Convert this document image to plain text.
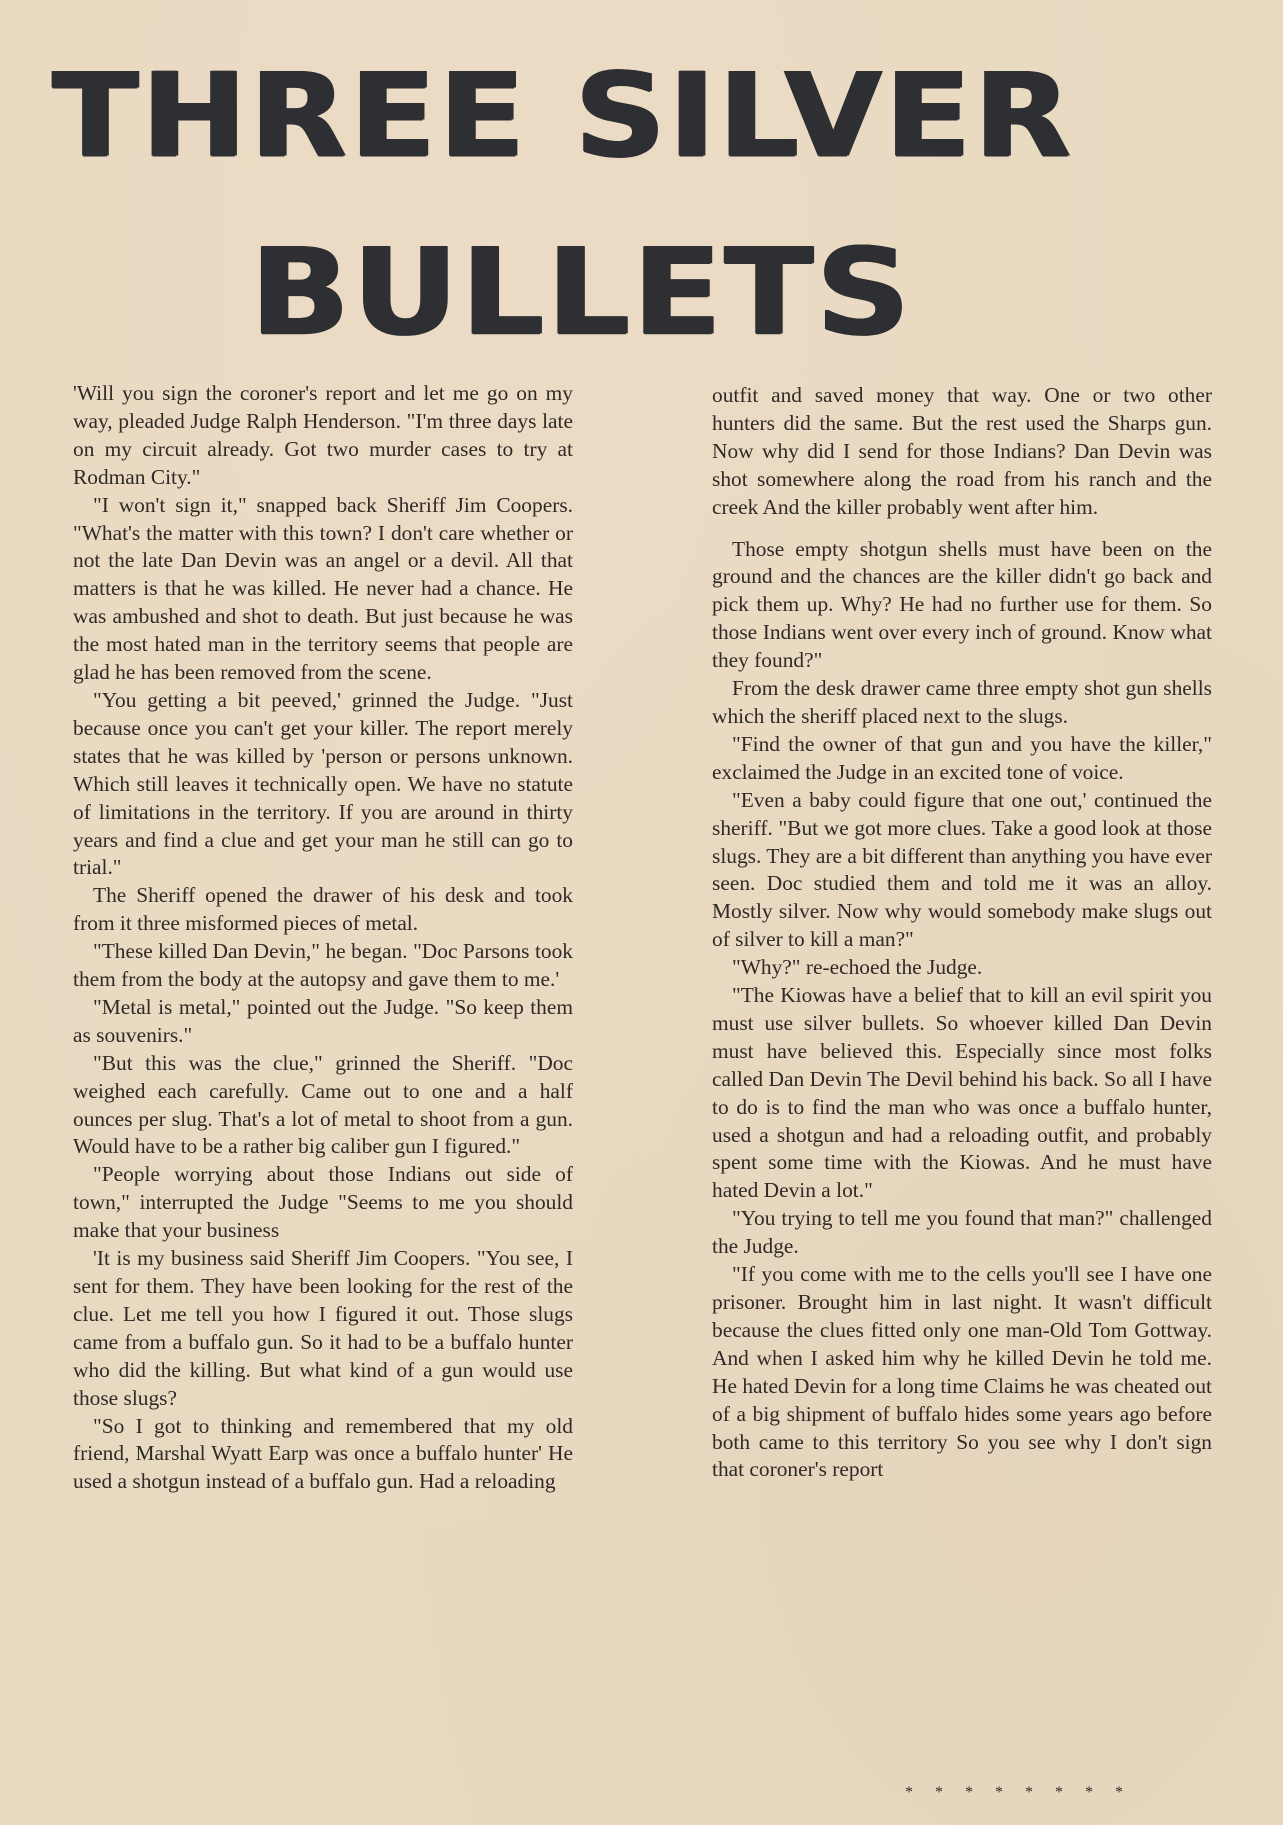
THREE SILVER
BULLETS

'Will you sign the coroner's report and let me go on my way, pleaded Judge Ralph Henderson. "I'm three days late on my circuit already. Got two murder cases to try at Rodman City."

"I won't sign it," snapped back Sheriff Jim Coopers. "What's the matter with this town? I don't care whether or not the late Dan Devin was an angel or a devil. All that matters is that he was killed. He never had a chance. He was ambushed and shot to death. But just because he was the most hated man in the territory seems that people are glad he has been removed from the scene.

"You getting a bit peeved,' grinned the Judge. "Just because once you can't get your killer. The report merely states that he was killed by 'person or persons unknown. Which still leaves it technically open. We have no statute of limitations in the territory. If you are around in thirty years and find a clue and get your man he still can go to trial."

The Sheriff opened the drawer of his desk and took from it three misformed pieces of metal.

"These killed Dan Devin," he began. "Doc Parsons took them from the body at the autopsy and gave them to me.'

"Metal is metal," pointed out the Judge. "So keep them as souvenirs."

"But this was the clue," grinned the Sheriff. "Doc weighed each carefully. Came out to one and a half ounces per slug. That's a lot of metal to shoot from a gun. Would have to be a rather big caliber gun I figured."

"People worrying about those Indians out side of town," interrupted the Judge "Seems to me you should make that your business

'It is my business said Sheriff Jim Coopers. "You see, I sent for them. They have been looking for the rest of the clue. Let me tell you how I figured it out. Those slugs came from a buffalo gun. So it had to be a buffalo hunter who did the killing. But what kind of a gun would use those slugs?

"So I got to thinking and remembered that my old friend, Marshal Wyatt Earp was once a buffalo hunter' He used a shotgun instead of a buffalo gun. Had a reloading

outfit and saved money that way. One or two other hunters did the same. But the rest used the Sharps gun. Now why did I send for those Indians? Dan Devin was shot somewhere along the road from his ranch and the creek And the killer probably went after him.

Those empty shotgun shells must have been on the ground and the chances are the killer didn't go back and pick them up. Why? He had no further use for them. So those Indians went over every inch of ground. Know what they found?"

From the desk drawer came three empty shot gun shells which the sheriff placed next to the slugs.

"Find the owner of that gun and you have the killer," exclaimed the Judge in an excited tone of voice.

"Even a baby could figure that one out,' continued the sheriff. "But we got more clues. Take a good look at those slugs. They are a bit different than anything you have ever seen. Doc studied them and told me it was an alloy. Mostly silver. Now why would somebody make slugs out of silver to kill a man?"

"Why?" re-echoed the Judge.

"The Kiowas have a belief that to kill an evil spirit you must use silver bullets. So whoever killed Dan Devin must have believed this. Especially since most folks called Dan Devin The Devil behind his back. So all I have to do is to find the man who was once a buffalo hunter, used a shotgun and had a reloading outfit, and probably spent some time with the Kiowas. And he must have hated Devin a lot."

"You trying to tell me you found that man?" challenged the Judge.

"If you come with me to the cells you'll see I have one prisoner. Brought him in last night. It wasn't difficult because the clues fitted only one man-Old Tom Gottway. And when I asked him why he killed Devin he told me. He hated Devin for a long time Claims he was cheated out of a big shipment of buffalo hides some years ago before both came to this territory So you see why I don't sign that coroner's report

* * * * * * * *
